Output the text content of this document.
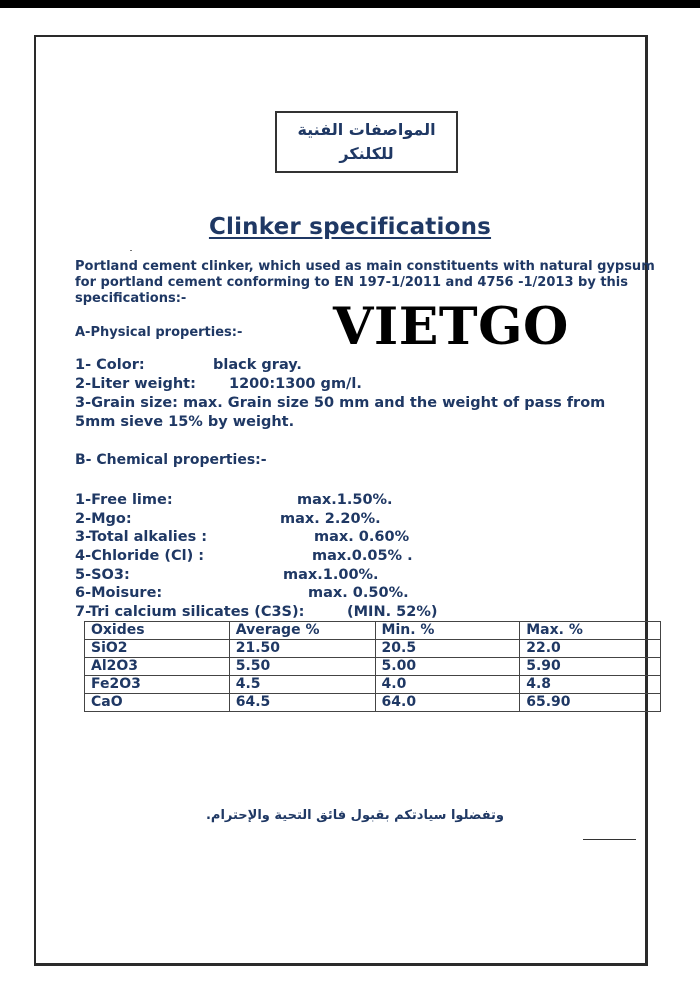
المواصفات الفنية
للكلنكر
Clinker specifications
Portland cement clinker, which used as main constituents with natural gypsum for portland cement conforming to EN 197-1/2011 and 4756 -1/2013 by this specifications:-
A-Physical properties:- VIETGO
1- Color:	black gray.
2-Liter weight: 1200:1300 gm/l.
3-Grain size: max. Grain size 50 mm and the weight of pass from
5mm sieve 15% by weight.
B- Chemical properties:-
1-Free lime:	max.1.50%.
2-Mgo:	max. 2.20%.
3-Total alkalies :	max. 0.60%
4-Chloride (Cl) :	max.0.05% .
5-SO3:	max.1.00%.
6-Moisure:	max. 0.50%.
7-Tri calcium silicates (C3S):	(MIN. 52%)
Oxides	Average %	Min. %	Max. %
SiO2	21.50	20.5	22.0
Al2O3	5.50	5.00	5.90
Fe2O3	4.5	4.0	4.8
CaO	64.5	64.0	65.90
وتفضلوا سيادتكم بقبول فائق التحية والإحترام.
